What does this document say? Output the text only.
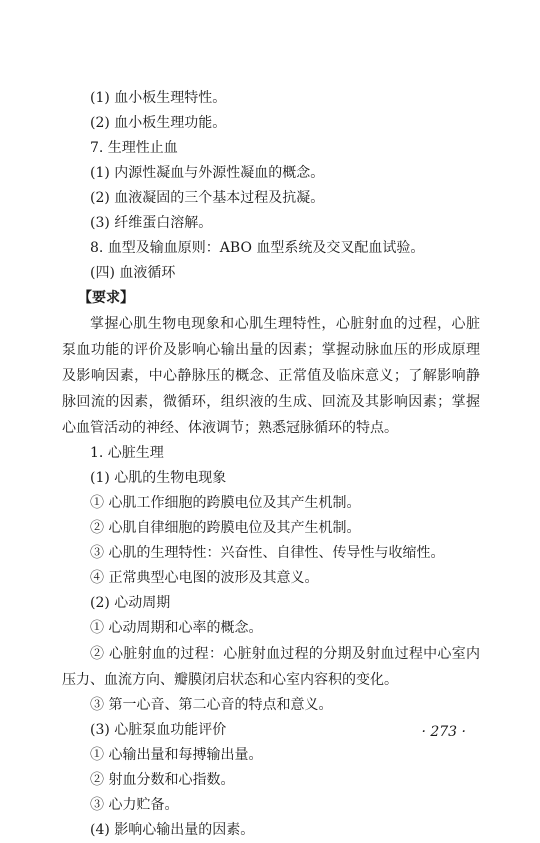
(1) 血小板生理特性。
(2) 血小板生理功能。
7. 生理性止血
(1) 内源性凝血与外源性凝血的概念。
(2) 血液凝固的三个基本过程及抗凝。
(3) 纤维蛋白溶解。
8. 血型及输血原则：ABO 血型系统及交叉配血试验。
(四) 血液循环
【要求】
掌握心肌生物电现象和心肌生理特性，心脏射血的过程，心脏泵血功能的评价及影响心输出量的因素；掌握动脉血压的形成原理及影响因素，中心静脉压的概念、正常值及临床意义；了解影响静脉回流的因素，微循环，组织液的生成、回流及其影响因素；掌握心血管活动的神经、体液调节；熟悉冠脉循环的特点。
1. 心脏生理
(1) 心肌的生物电现象
① 心肌工作细胞的跨膜电位及其产生机制。
② 心肌自律细胞的跨膜电位及其产生机制。
③ 心肌的生理特性：兴奋性、自律性、传导性与收缩性。
④ 正常典型心电图的波形及其意义。
(2) 心动周期
① 心动周期和心率的概念。
② 心脏射血的过程：心脏射血过程的分期及射血过程中心室内压力、血流方向、瓣膜闭启状态和心室内容积的变化。
③ 第一心音、第二心音的特点和意义。
(3) 心脏泵血功能评价
① 心输出量和每搏输出量。
② 射血分数和心指数。
③ 心力贮备。
(4) 影响心输出量的因素。
· 273 ·
